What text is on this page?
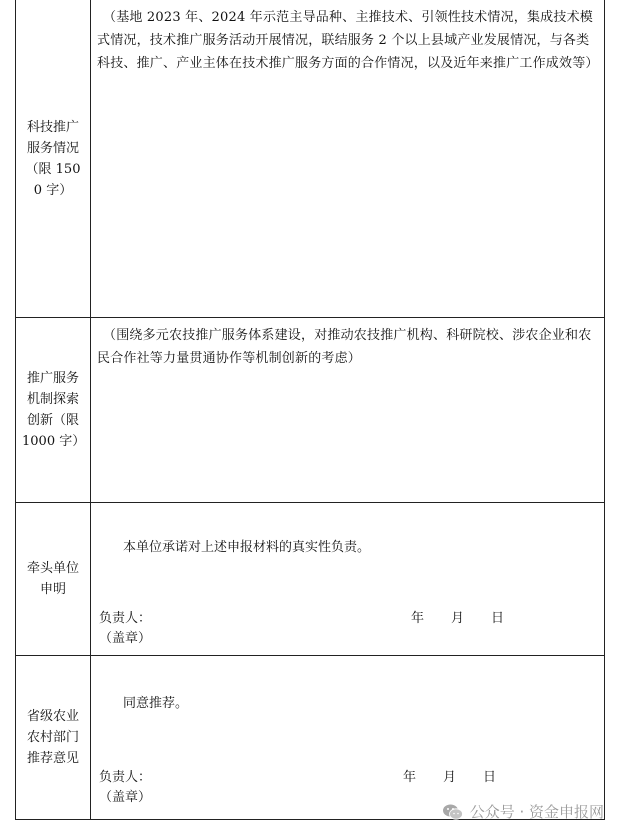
科技推广服务情况（限 1500 字）
（基地 2023 年、2024 年示范主导品种、主推技术、引领性技术情况，集成技术模式情况，技术推广服务活动开展情况，联结服务 2 个以上县域产业发展情况，与各类科技、推广、产业主体在技术推广服务方面的合作情况，以及近年来推广工作成效等）
推广服务机制探索创新（限 1000 字）
（围绕多元农技推广服务体系建设，对推动农技推广机构、科研院校、涉农企业和农民合作社等力量贯通协作等机制创新的考虑）
牵头单位申明
本单位承诺对上述申报材料的真实性负责。
负责人：
（盖章）
年 月 日
省级农业农村部门推荐意见
同意推荐。
负责人：
（盖章）
年 月 日
公众号 · 资金申报网
